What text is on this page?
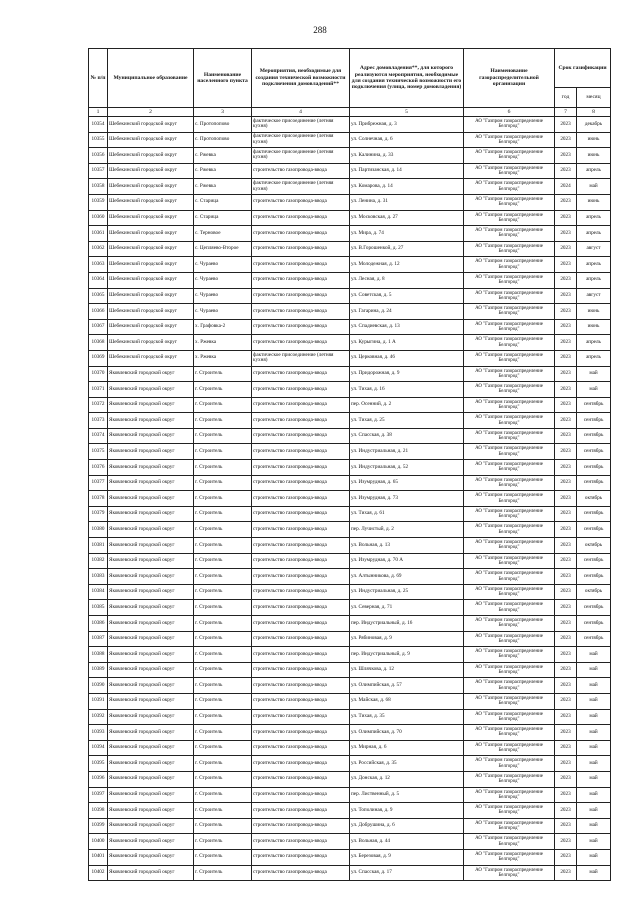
288
№ п/п	Муниципальное образование	Наименование населенного пункта	Мероприятия, необходимые для создания технической возможности подключения домовладений**	Адрес домовладения**, для которого реализуются мероприятия, необходимые для создания технической возможности его подключения (улица, номер домовладения)	Наименование газораспределительной организации	Срок газификации	
						год	месяц
1	2	3	4	5	6	7	8
10354	Шебекинский городской округ	с. Протопопово	фактическое присоединение (летняя кухня)	ул. Прибрежная, д. 3	АО "Газпром газораспределение Белгород"	2023	декабрь
10355	Шебекинский городской округ	с. Протопопово	фактическое присоединение (летняя кухня)	ул. Солнечная, д. 6	АО "Газпром газораспределение Белгород"	2023	июнь
10356	Шебекинский городской округ	с. Ржевка	фактическое присоединение (летняя кухня)	ул. Калинина, д. 33	АО "Газпром газораспределение Белгород"	2023	июнь
10357	Шебекинский городской округ	с. Ржевка	строительство газопровода-ввода	ул. Партизанская, д. 14	АО "Газпром газораспределение Белгород"	2023	апрель
10358	Шебекинский городской округ	с. Ржевка	фактическое присоединение (летняя кухня)	ул. Комарова, д. 14	АО "Газпром газораспределение Белгород"	2024	май
10359	Шебекинский городской округ	с. Старица	строительство газопровода-ввода	ул. Ленина, д. 31	АО "Газпром газораспределение Белгород"	2023	июнь
10360	Шебекинский городской округ	с. Старица	строительство газопровода-ввода	ул. Московская, д. 27	АО "Газпром газораспределение Белгород"	2023	апрель
10361	Шебекинский городской округ	с. Терновое	строительство газопровода-ввода	ул. Мира, д. 74	АО "Газпром газораспределение Белгород"	2023	апрель
10362	Шебекинский городской округ	с. Цепляево-Второе	строительство газопровода-ввода	ул. В.Горошенкой, д. 27	АО "Газпром газораспределение Белгород"	2023	август
10363	Шебекинский городской округ	с. Чураево	строительство газопровода-ввода	ул. Молодежная, д. 12	АО "Газпром газораспределение Белгород"	2023	апрель
10364	Шебекинский городской округ	с. Чураево	строительство газопровода-ввода	ул. Лесная, д. 8	АО "Газпром газораспределение Белгород"	2023	апрель
10365	Шебекинский городской округ	с. Чураево	строительство газопровода-ввода	ул. Советская, д. 5	АО "Газпром газораспределение Белгород"	2023	август
10366	Шебекинский городской округ	с. Чураево	строительство газопровода-ввода	ул. Гагарина, д. 24	АО "Газпром газораспределение Белгород"	2023	июнь
10367	Шебекинский городской округ	х. Графовка-2	строительство газопровода-ввода	ул. Спадиевская, д. 13	АО "Газпром газораспределение Белгород"	2023	июнь
10368	Шебекинский городской округ	х. Ржевка	строительство газопровода-ввода	ул. Курыгина, д. 1 А	АО "Газпром газораспределение Белгород"	2023	апрель
10369	Шебекинский городской округ	х. Ржевка	фактическое присоединение (летняя кухня)	ул. Церковная, д. 46	АО "Газпром газораспределение Белгород"	2023	апрель
10370	Яковлевский городской округ	г. Строитель	строительство газопровода-ввода	ул. Придорожная, д. 9	АО "Газпром газораспределение Белгород"	2023	май
10371	Яковлевский городской округ	г. Строитель	строительство газопровода-ввода	ул. Тихая, д. 16	АО "Газпром газораспределение Белгород"	2023	май
10372	Яковлевский городской округ	г. Строитель	строительство газопровода-ввода	пер. Осенний, д. 2	АО "Газпром газораспределение Белгород"	2023	сентябрь
10373	Яковлевский городской округ	г. Строитель	строительство газопровода-ввода	ул. Тихая, д. 25	АО "Газпром газораспределение Белгород"	2023	сентябрь
10374	Яковлевский городской округ	г. Строитель	строительство газопровода-ввода	ул. Спасская, д. 38	АО "Газпром газораспределение Белгород"	2023	сентябрь
10375	Яковлевский городской округ	г. Строитель	строительство газопровода-ввода	ул. Индустриальная, д. 21	АО "Газпром газораспределение Белгород"	2023	сентябрь
10376	Яковлевский городской округ	г. Строитель	строительство газопровода-ввода	ул. Индустриальная, д. 52	АО "Газпром газораспределение Белгород"	2023	сентябрь
10377	Яковлевский городской округ	г. Строитель	строительство газопровода-ввода	ул. Изумрудная, д. 65	АО "Газпром газораспределение Белгород"	2023	сентябрь
10378	Яковлевский городской округ	г. Строитель	строительство газопровода-ввода	ул. Изумрудная, д. 73	АО "Газпром газораспределение Белгород"	2023	октябрь
10379	Яковлевский городской округ	г. Строитель	строительство газопровода-ввода	ул. Тихая, д. 61	АО "Газпром газораспределение Белгород"	2023	сентябрь
10380	Яковлевский городской округ	г. Строитель	строительство газопровода-ввода	пер. Лучистый, д. 2	АО "Газпром газораспределение Белгород"	2023	сентябрь
10381	Яковлевский городской округ	г. Строитель	строительство газопровода-ввода	ул. Вольная, д. 13	АО "Газпром газораспределение Белгород"	2023	октябрь
10382	Яковлевский городской округ	г. Строитель	строительство газопровода-ввода	ул. Изумрудная, д. 70 А	АО "Газпром газораспределение Белгород"	2023	сентябрь
10383	Яковлевский городской округ	г. Строитель	строительство газопровода-ввода	ул. Алтынникова, д. 69	АО "Газпром газораспределение Белгород"	2023	сентябрь
10384	Яковлевский городской округ	г. Строитель	строительство газопровода-ввода	ул. Индустриальная, д. 25	АО "Газпром газораспределение Белгород"	2023	октябрь
10385	Яковлевский городской округ	г. Строитель	строительство газопровода-ввода	ул. Северная, д. 71	АО "Газпром газораспределение Белгород"	2023	сентябрь
10386	Яковлевский городской округ	г. Строитель	строительство газопровода-ввода	пер. Индустриальный, д. 16	АО "Газпром газораспределение Белгород"	2023	сентябрь
10387	Яковлевский городской округ	г. Строитель	строительство газопровода-ввода	ул. Рябиновая, д. 9	АО "Газпром газораспределение Белгород"	2023	сентябрь
10388	Яковлевский городской округ	г. Строитель	строительство газопровода-ввода	пер. Индустриальный, д. 9	АО "Газпром газораспределение Белгород"	2023	май
10389	Яковлевский городской округ	г. Строитель	строительство газопровода-ввода	ул. Шлячкова, д. 12	АО "Газпром газораспределение Белгород"	2023	май
10390	Яковлевский городской округ	г. Строитель	строительство газопровода-ввода	ул. Олимпийская, д. 57	АО "Газпром газораспределение Белгород"	2023	май
10391	Яковлевский городской округ	г. Строитель	строительство газопровода-ввода	ул. Майская, д. 68	АО "Газпром газораспределение Белгород"	2023	май
10392	Яковлевский городской округ	г. Строитель	строительство газопровода-ввода	ул. Тихая, д. 35	АО "Газпром газораспределение Белгород"	2023	май
10393	Яковлевский городской округ	г. Строитель	строительство газопровода-ввода	ул. Олимпийская, д. 70	АО "Газпром газораспределение Белгород"	2023	май
10394	Яковлевский городской округ	г. Строитель	строительство газопровода-ввода	ул. Мирная, д. 6	АО "Газпром газораспределение Белгород"	2023	май
10395	Яковлевский городской округ	г. Строитель	строительство газопровода-ввода	ул. Российская, д. 35	АО "Газпром газораспределение Белгород"	2023	май
10396	Яковлевский городской округ	г. Строитель	строительство газопровода-ввода	ул. Донская, д. 12	АО "Газпром газораспределение Белгород"	2023	май
10397	Яковлевский городской округ	г. Строитель	строительство газопровода-ввода	пер. Лиственный, д. 5	АО "Газпром газораспределение Белгород"	2023	май
10398	Яковлевский городской округ	г. Строитель	строительство газопровода-ввода	ул. Тополиная, д. 9	АО "Газпром газораспределение Белгород"	2023	май
10399	Яковлевский городской округ	г. Строитель	строительство газопровода-ввода	ул. Добрушина, д. 6	АО "Газпром газораспределение Белгород"	2023	май
10400	Яковлевский городской округ	г. Строитель	строительство газопровода-ввода	ул. Вольная, д. 44	АО "Газпром газораспределение Белгород"	2023	май
10401	Яковлевский городской округ	г. Строитель	строительство газопровода-ввода	ул. Березовая, д. 9	АО "Газпром газораспределение Белгород"	2023	май
10402	Яковлевский городской округ	г. Строитель	строительство газопровода-ввода	ул. Спасская, д. 17	АО "Газпром газораспределение Белгород"	2023	май
